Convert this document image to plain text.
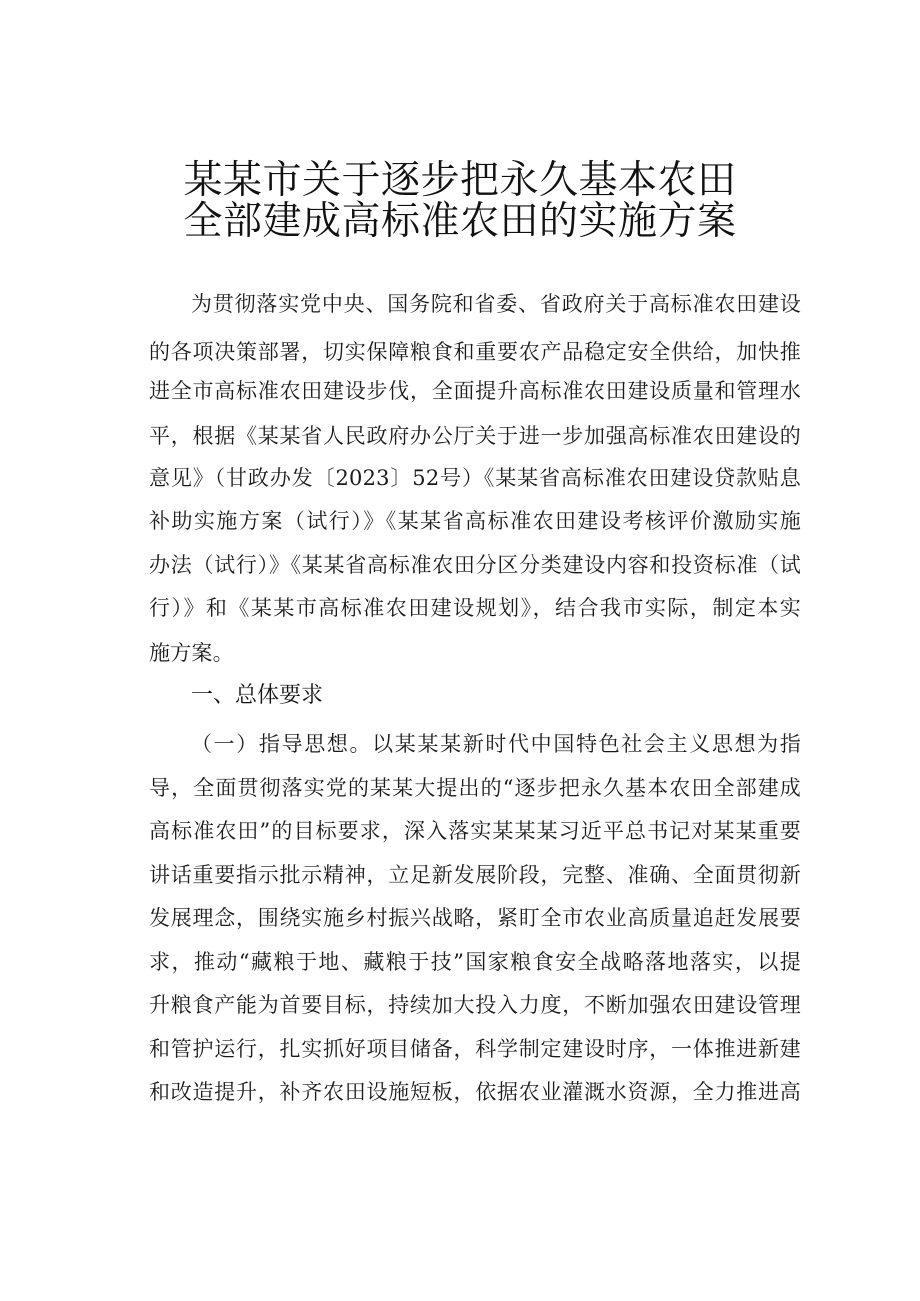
某某市关于逐步把永久基本农田
全部建成高标准农田的实施方案
为贯彻落实党中央、国务院和省委、省政府关于高标准农田建设
的各项决策部署，切实保障粮食和重要农产品稳定安全供给，加快推
进全市高标准农田建设步伐，全面提升高标准农田建设质量和管理水
平，根据《某某省人民政府办公厅关于进一步加强高标准农田建设的
意见》（甘政办发〔2023〕52号）《某某省高标准农田建设贷款贴息
补助实施方案（试行）》《某某省高标准农田建设考核评价激励实施
办法（试行）》《某某省高标准农田分区分类建设内容和投资标准（试
行）》和《某某市高标准农田建设规划》，结合我市实际，制定本实
施方案。
一、总体要求
（一）指导思想。以某某某新时代中国特色社会主义思想为指
导，全面贯彻落实党的某某大提出的“逐步把永久基本农田全部建成
高标准农田”的目标要求，深入落实某某某习近平总书记对某某重要
讲话重要指示批示精神，立足新发展阶段，完整、准确、全面贯彻新
发展理念，围绕实施乡村振兴战略，紧盯全市农业高质量追赶发展要
求，推动“藏粮于地、藏粮于技”国家粮食安全战略落地落实，以提
升粮食产能为首要目标，持续加大投入力度，不断加强农田建设管理
和管护运行，扎实抓好项目储备，科学制定建设时序，一体推进新建
和改造提升，补齐农田设施短板，依据农业灌溉水资源，全力推进高
